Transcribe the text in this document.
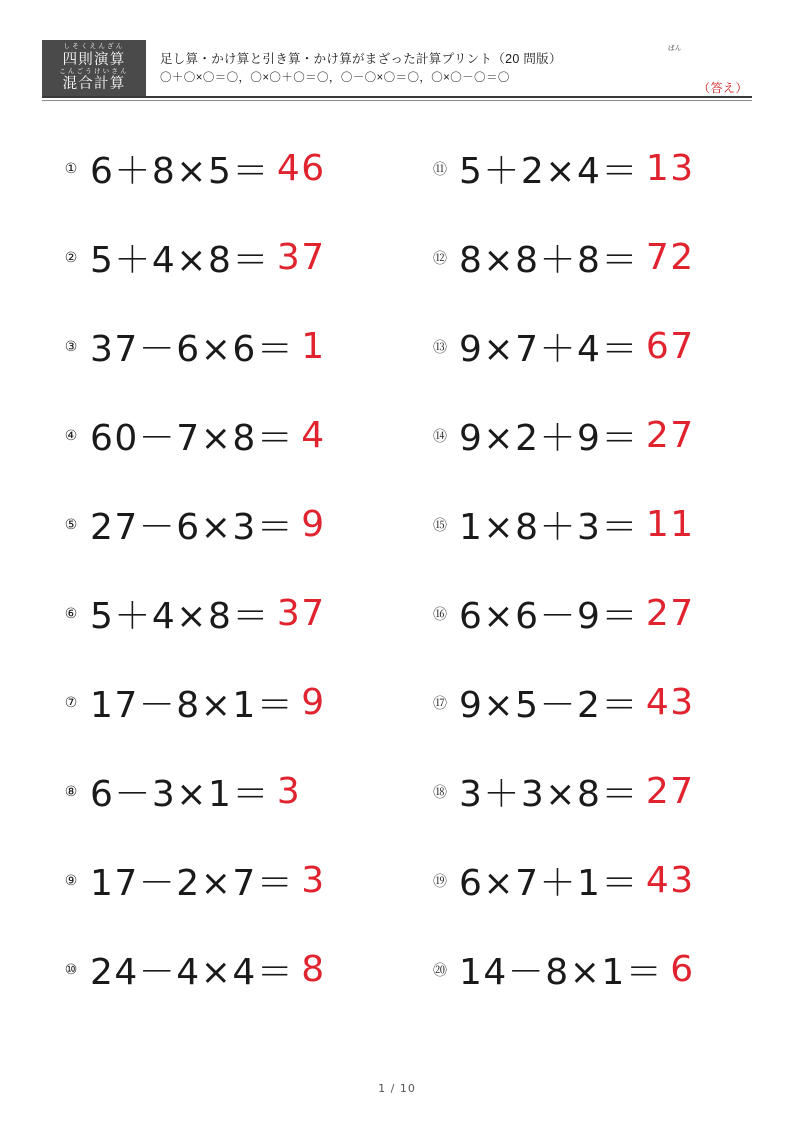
しそくえんざん
四則演算
こんごうけいさん
混合計算
足し算・かけ算と引き算・かけ算がまざった計算プリント（20 問版）
ばん
〇＋〇×〇＝〇，〇×〇＋〇＝〇，〇－〇×〇＝〇，〇×〇－〇＝〇
（答え）
① 6＋8×5＝ 46
② 5＋4×8＝ 37
③ 37－6×6＝ 1
④ 60－7×8＝ 4
⑤ 27－6×3＝ 9
⑥ 5＋4×8＝ 37
⑦ 17－8×1＝ 9
⑧ 6－3×1＝ 3
⑨ 17－2×7＝ 3
⑩ 24－4×4＝ 8
⑪ 5＋2×4＝ 13
⑫ 8×8＋8＝ 72
⑬ 9×7＋4＝ 67
⑭ 9×2＋9＝ 27
⑮ 1×8＋3＝ 11
⑯ 6×6－9＝ 27
⑰ 9×5－2＝ 43
⑱ 3＋3×8＝ 27
⑲ 6×7＋1＝ 43
⑳ 14－8×1＝ 6
1 / 10
